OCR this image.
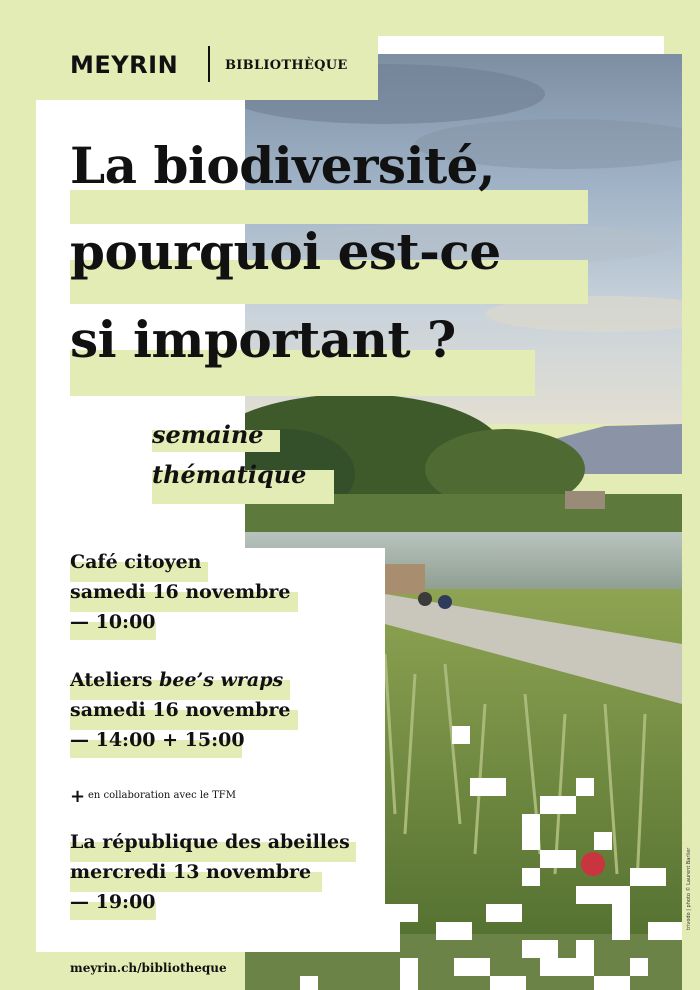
MEYRIN	BIBLIOTHÈQUE
La biodiversité,
pourquoi est-ce
si important ?
semaine
thématique
Café citoyen
samedi 16 novembre
— 10:00
Ateliers bee’s wraps
samedi 16 novembre
— 14:00 + 15:00
+ en collaboration avec le TFM
La république des abeilles
mercredi 13 novembre
— 19:00
meyrin.ch/bibliotheque
trivodo | photo © Laurent Barlier
